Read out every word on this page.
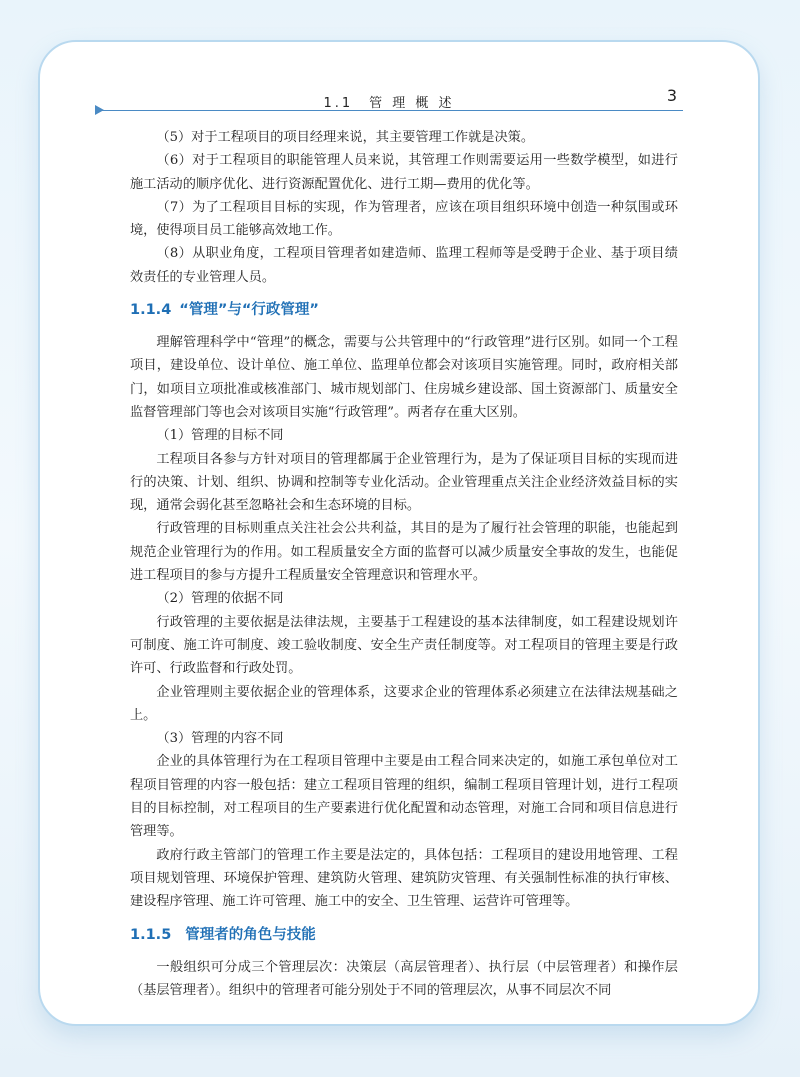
1.1　管 理 概 述	3

（5）对于工程项目的项目经理来说，其主要管理工作就是决策。

（6）对于工程项目的职能管理人员来说，其管理工作则需要运用一些数学模型，如进行施工活动的顺序优化、进行资源配置优化、进行工期—费用的优化等。

（7）为了工程项目目标的实现，作为管理者，应该在项目组织环境中创造一种氛围或环境，使得项目员工能够高效地工作。

（8）从职业角度，工程项目管理者如建造师、监理工程师等是受聘于企业、基于项目绩效责任的专业管理人员。

1.1.4 “管理”与“行政管理”

理解管理科学中“管理”的概念，需要与公共管理中的“行政管理”进行区别。如同一个工程项目，建设单位、设计单位、施工单位、监理单位都会对该项目实施管理。同时，政府相关部门，如项目立项批准或核准部门、城市规划部门、住房城乡建设部、国土资源部门、质量安全监督管理部门等也会对该项目实施“行政管理”。两者存在重大区别。

（1）管理的目标不同

工程项目各参与方针对项目的管理都属于企业管理行为，是为了保证项目目标的实现而进行的决策、计划、组织、协调和控制等专业化活动。企业管理重点关注企业经济效益目标的实现，通常会弱化甚至忽略社会和生态环境的目标。

行政管理的目标则重点关注社会公共利益，其目的是为了履行社会管理的职能，也能起到规范企业管理行为的作用。如工程质量安全方面的监督可以减少质量安全事故的发生，也能促进工程项目的参与方提升工程质量安全管理意识和管理水平。

（2）管理的依据不同

行政管理的主要依据是法律法规，主要基于工程建设的基本法律制度，如工程建设规划许可制度、施工许可制度、竣工验收制度、安全生产责任制度等。对工程项目的管理主要是行政许可、行政监督和行政处罚。

企业管理则主要依据企业的管理体系，这要求企业的管理体系必须建立在法律法规基础之上。

（3）管理的内容不同

企业的具体管理行为在工程项目管理中主要是由工程合同来决定的，如施工承包单位对工程项目管理的内容一般包括：建立工程项目管理的组织，编制工程项目管理计划，进行工程项目的目标控制，对工程项目的生产要素进行优化配置和动态管理，对施工合同和项目信息进行管理等。

政府行政主管部门的管理工作主要是法定的，具体包括：工程项目的建设用地管理、工程项目规划管理、环境保护管理、建筑防火管理、建筑防灾管理、有关强制性标准的执行审核、建设程序管理、施工许可管理、施工中的安全、卫生管理、运营许可管理等。

1.1.5 管理者的角色与技能

一般组织可分成三个管理层次：决策层（高层管理者）、执行层（中层管理者）和操作层（基层管理者）。组织中的管理者可能分别处于不同的管理层次，从事不同层次不同
